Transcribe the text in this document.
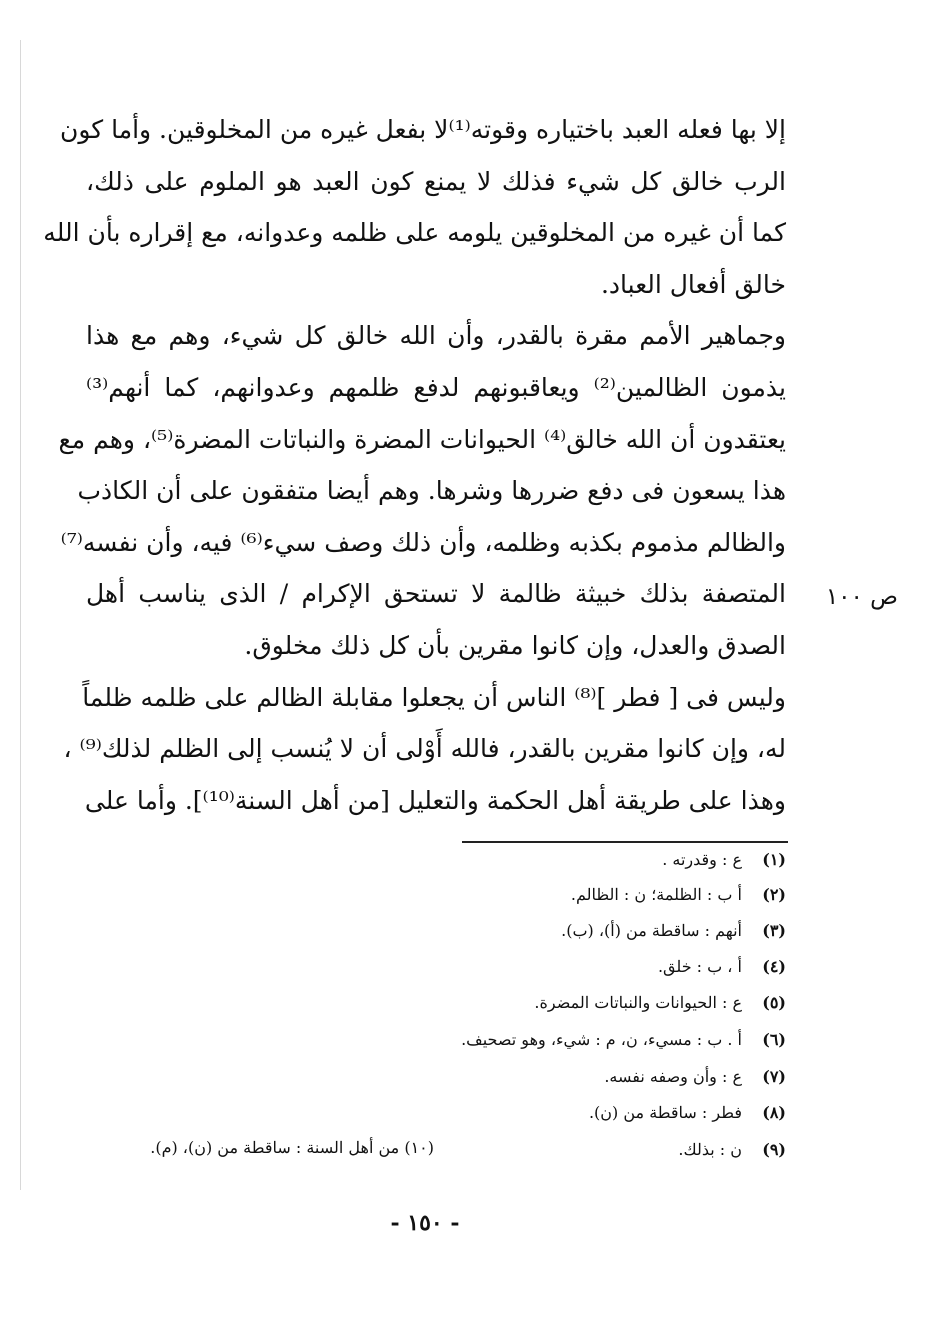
ص ١٠٠
إلا بها فعله العبد باختياره وقوته⁽¹⁾لا بفعل غيره من المخلوقين. وأما كون
الرب خالق كل شيء فذلك لا يمنع كون العبد هو الملوم على ذلك،
كما أن غيره من المخلوقين يلومه على ظلمه وعدوانه، مع إقراره بأن الله
خالق أفعال العباد.
وجماهير الأمم مقرة بالقدر، وأن الله خالق كل شيء، وهم مع هذا
يذمون الظالمين⁽²⁾ ويعاقبونهم لدفع ظلمهم وعدوانهم، كما أنهم⁽³⁾
يعتقدون أن الله خالق⁽⁴⁾ الحيوانات المضرة والنباتات المضرة⁽⁵⁾، وهم مع
هذا يسعون فى دفع ضررها وشرها. وهم أيضا متفقون على أن الكاذب
والظالم مذموم بكذبه وظلمه، وأن ذلك وصف سيء⁽⁶⁾ فيه، وأن نفسه⁽⁷⁾
المتصفة بذلك خبيثة ظالمة لا تستحق الإكرام / الذى يناسب أهل
الصدق والعدل، وإن كانوا مقرين بأن كل ذلك مخلوق.
وليس فى [ فطر ]⁽⁸⁾ الناس أن يجعلوا مقابلة الظالم على ظلمه ظلماً
له، وإن كانوا مقرين بالقدر، فالله أَوْلى أن لا يُنسب إلى الظلم لذلك⁽⁹⁾ ،
وهذا على طريقة أهل الحكمة والتعليل [من أهل السنة⁽¹⁰⁾]. وأما على
(١)ع : وقدرته .
(٢)أ ب : الظلمة؛ ن : الظالم.
(٣)أنهم : ساقطة من (أ)، (ب).
(٤)أ ، ب : خلق.
(٥)ع : الحيوانات والنباتات المضرة.
(٦)أ . ب : مسيء، ن، م : شيء، وهو تصحيف.
(٧)ع : وأن وصفه نفسه.
(٨)فطر : ساقطة من (ن).
(٩)ن : بذلك.
(١٠) من أهل السنة : ساقطة من (ن)، (م).
- ١٥٠ -
